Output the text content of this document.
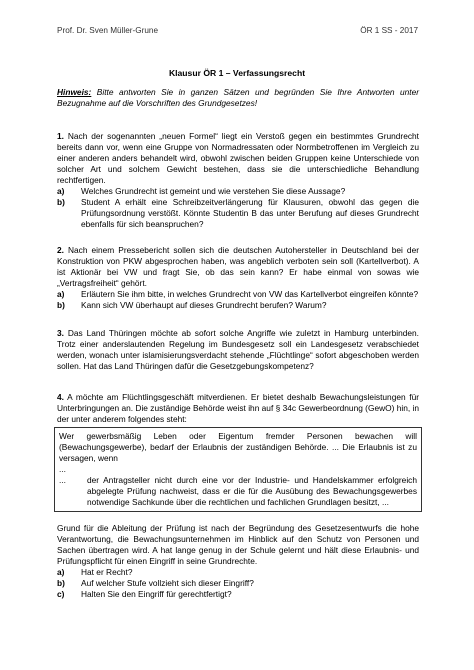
Prof. Dr. Sven Müller-Grune	ÖR 1 SS - 2017
Klausur ÖR 1 – Verfassungsrecht

Hinweis: Bitte antworten Sie in ganzen Sätzen und begründen Sie Ihre Antworten unter Bezugnahme auf die Vorschriften des Grundgesetzes!

1. Nach der sogenannten „neuen Formel“ liegt ein Verstoß gegen ein bestimmtes Grundrecht bereits dann vor, wenn eine Gruppe von Normadressaten oder Normbetroffenen im Vergleich zu einer anderen anders behandelt wird, obwohl zwischen beiden Gruppen keine Unterschiede von solcher Art und solchem Gewicht bestehen, dass sie die unterschiedliche Behandlung rechtfertigen.

a)	Welches Grundrecht ist gemeint und wie verstehen Sie diese Aussage?
b)	Student A erhält eine Schreibzeitverlängerung für Klausuren, obwohl das gegen die Prüfungsordnung verstößt. Könnte Studentin B das unter Berufung auf dieses Grundrecht ebenfalls für sich beanspruchen?

2. Nach einem Pressebericht sollen sich die deutschen Autohersteller in Deutschland bei der Konstruktion von PKW abgesprochen haben, was angeblich verboten sein soll (Kartellverbot). A ist Aktionär bei VW und fragt Sie, ob das sein kann? Er habe einmal von sowas wie „Vertragsfreiheit“ gehört.

a)	Erläutern Sie ihm bitte, in welches Grundrecht von VW das Kartellverbot eingreifen könnte?
b)	Kann sich VW überhaupt auf dieses Grundrecht berufen? Warum?

3. Das Land Thüringen möchte ab sofort solche Angriffe wie zuletzt in Hamburg unterbinden. Trotz einer anderslautenden Regelung im Bundesgesetz soll ein Landesgesetz verabschiedet werden, wonach unter islamisierungsverdacht stehende „Flüchtlinge“ sofort abgeschoben werden sollen. Hat das Land Thüringen dafür die Gesetzgebungskompetenz?

4. A möchte am Flüchtlingsgeschäft mitverdienen. Er bietet deshalb Bewachungsleistungen für Unterbringungen an. Die zuständige Behörde weist ihn auf § 34c Gewerbeordnung (GewO) hin, in der unter anderem folgendes steht:

Wer gewerbsmäßig Leben oder Eigentum fremder Personen bewachen will (Bewachungsgewerbe), bedarf der Erlaubnis der zuständigen Behörde. ... Die Erlaubnis ist zu versagen, wenn

...
...	der Antragsteller nicht durch eine vor der Industrie- und Handelskammer erfolgreich abgelegte Prüfung nachweist, dass er die für die Ausübung des Bewachungsgewerbes notwendige Sachkunde über die rechtlichen und fachlichen Grundlagen besitzt, ...

Grund für die Ableitung der Prüfung ist nach der Begründung des Gesetzesentwurfs die hohe Verantwortung, die Bewachungsunternehmen im Hinblick auf den Schutz von Personen und Sachen übertragen wird. A hat lange genug in der Schule gelernt und hält diese Erlaubnis- und Prüfungspflicht für einen Eingriff in seine Grundrechte.

a)	Hat er Recht?
b)	Auf welcher Stufe vollzieht sich dieser Eingriff?
c)	Halten Sie den Eingriff für gerechtfertigt?
